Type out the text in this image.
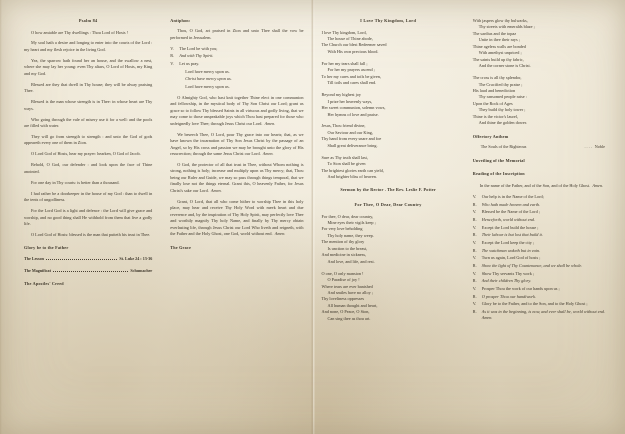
Psalm 84

O how amiable are Thy dwellings : Thou Lord of Hosts !

My soul hath a desire and longing to enter into the courts of the Lord : my heart and my flesh rejoice in the living God.

Yea, the sparrow hath found her an house, and the swallow a nest, where she may lay her young: even Thy altars, O Lord of Hosts, my King and my God.

Blessed are they that dwell in Thy house; they will be alway praising Thee.

Blessed is the man whose strength is in Thee: in whose heart are Thy ways.

Who going through the vale of misery use it for a well: and the pools are filled with water.

They will go from strength to strength : and unto the God of gods appeareth every one of them in Zion.

O Lord God of Hosts, hear my prayer: hearken, O God of Jacob.

Behold, O God, our defender : and look upon the face of Thine anointed.

For one day in Thy courts: is better than a thousand.

I had rather be a doorkeeper in the house of my God : than to dwell in the tents of ungodliness.

For the Lord God is a light and defence : the Lord will give grace and worship, and no good thing shall He withhold from them that live a godly life.

O Lord God of Hosts: blessed is the man that putteth his trust in Thee.

Glory be to the Father
The Lesson	St. Luke 24 : 13-36
The Magnificat	Schumacher
The Apostles' Creed
Antiphon:

Thou, O God, art praised in Zion and unto Thee shall the vow be performed in Jerusalem.

V.	The Lord be with you;
R.	And with Thy Spirit.
V.	Let us pray.
Lord have mercy upon us.
Christ have mercy upon us.
Lord have mercy upon us.

O Almighty God, who hast knit together Thine elect in one communion and fellowship, in the mystical body of Thy Son Christ our Lord; grant us grace so to follow Thy blessed Saints in all virtuous and godly living, that we may come to those unspeakable joys which Thou hast prepared for those who unfeignedly love Thee; through Jesus Christ our Lord. Amen.

We beseech Thee, O Lord, pour Thy grace into our hearts; that, as we have known the incarnation of Thy Son Jesus Christ by the passage of an Angel, so by His cross and passion we may be brought unto the glory of His resurrection; through the same Jesus Christ our Lord. Amen.

O God, the protector of all that trust in Thee, without Whom nothing is strong, nothing is holy; increase and multiply upon us Thy mercy; that, Thou being our Ruler and Guide, we may so pass through things temporal, that we finally lose not the things eternal. Grant this, O heavenly Father, for Jesus Christ's sake our Lord. Amen.

Grant, O Lord, that all who come hither to worship Thee in this holy place, may hear and receive Thy Holy Word with meek heart and due reverence and, by the inspiration of Thy Holy Spirit, may perfectly love Thee and worthily magnify Thy holy Name, and finally by Thy mercy obtain everlasting life, through Jesus Christ our Lord Who liveth and reigneth, with the Father and the Holy Ghost, one God, world without end. Amen.

The Grace
I Love Thy Kingdom, Lord
I love Thy kingdom, Lord,
The house of Thine abode,
The Church our blest Redeemer saved
With His own precious blood.
For her my tears shall fall ;
For her my prayers ascend ;
To her my cares and toils be given,
Till toils and cares shall end.
Beyond my highest joy
I prize her heavenly ways,
Her sweet communion, solemn vows,
Her hymns of love and praise.
Jesus, Thou friend divine,
Our Saviour and our King,
Thy hand from every snare and foe
Shall great deliverance bring.
Sure as Thy truth shall last,
To Sion shall be given
The brightest glories earth can yield,
And brighter bliss of heaven.
Sermon by the Rector . The Rev. Leslie F. Potter
For Thee, O Dear, Dear Country
For thee, O dear, dear country,
Mine eyes their vigils keep ;
For very love beholding
Thy holy name, they weep.
The mention of thy glory
Is unction to the breast,
And medicine in sickness,
And love, and life, and rest.
O one, O only mansion !
O Paradise of joy !
Where tears are ever banished
And smiles have no alloy ;
Thy loveliness oppresses
All human thought and heart,
And none, O Peace, O Sion,
Can sing thee as thou art.
With jaspers glow thy bulwarks,
Thy streets with emeralds blaze ;
The sardius and the topaz
Unite in thee their rays ;
Thine ageless walls are bonded
With amethyst unpriced ;
The saints build up thy fabric,
And the corner stone is Christ.
The cross is all thy splendor,
The Crucified thy praise ;
His laud and benediction
Thy ransomed people raise :
Upon the Rock of Ages
They build thy holy tower ;
Thine is the victor's laurel,
And thine the golden dower.
Offertory Anthem
The Souls of the Righteous	. . . . Noble
Unveiling of the Memorial
Reading of the Inscription

In the name of the Father, and of the Son, and of the Holy Ghost. Amen.

V.	Our help is in the Name of the Lord;
R.	Who hath made heaven and earth.
V.	Blessed be the Name of the Lord ;
R.	Henceforth, world without end.
V.	Except the Lord build the house ;
R.	Their labour is but lost that build it.
V.	Except the Lord keep the city ;
R.	The watchman waketh but in vain.
V.	Turn us again, Lord God of hosts ;
R.	Show the light of Thy Countenance, and we shall be whole.
V.	Show Thy servants Thy work ;
R.	And their children Thy glory.
V.	Prosper Thou the work of our hands upon us ;
R.	O prosper Thou our handiwork.
V.	Glory be to the Father, and to the Son, and to the Holy Ghost ;
R.	As it was in the beginning, is now, and ever shall be, world without end. Amen.
